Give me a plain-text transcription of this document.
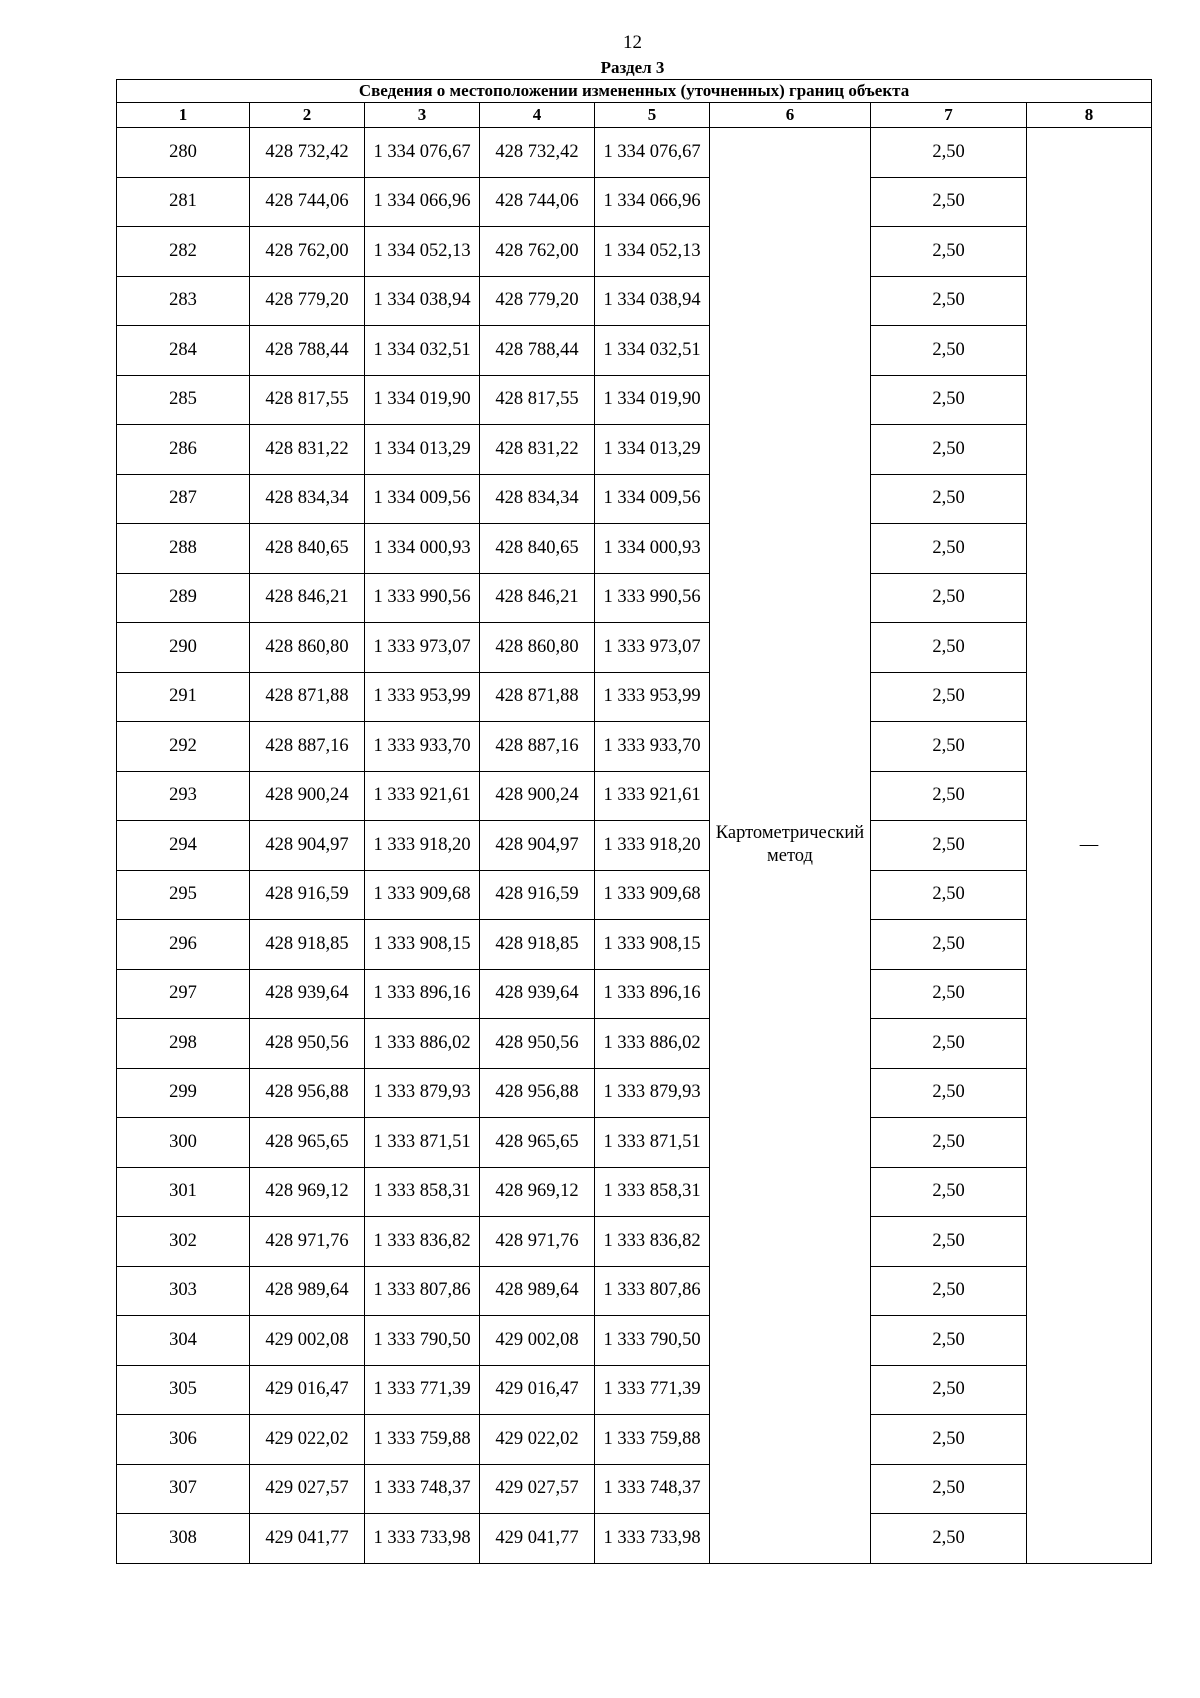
12
Раздел 3
Сведения о местоположении измененных (уточненных) границ объекта							
1	2	3	4	5	6	7	8
280	428 732,42	1 334 076,67	428 732,42	1 334 076,67	Картометрический метод	2,50	—
281	428 744,06	1 334 066,96	428 744,06	1 334 066,96		2,50	
282	428 762,00	1 334 052,13	428 762,00	1 334 052,13		2,50	
283	428 779,20	1 334 038,94	428 779,20	1 334 038,94		2,50	
284	428 788,44	1 334 032,51	428 788,44	1 334 032,51		2,50	
285	428 817,55	1 334 019,90	428 817,55	1 334 019,90		2,50	
286	428 831,22	1 334 013,29	428 831,22	1 334 013,29		2,50	
287	428 834,34	1 334 009,56	428 834,34	1 334 009,56		2,50	
288	428 840,65	1 334 000,93	428 840,65	1 334 000,93		2,50	
289	428 846,21	1 333 990,56	428 846,21	1 333 990,56		2,50	
290	428 860,80	1 333 973,07	428 860,80	1 333 973,07		2,50	
291	428 871,88	1 333 953,99	428 871,88	1 333 953,99		2,50	
292	428 887,16	1 333 933,70	428 887,16	1 333 933,70		2,50	
293	428 900,24	1 333 921,61	428 900,24	1 333 921,61		2,50	
294	428 904,97	1 333 918,20	428 904,97	1 333 918,20		2,50	
295	428 916,59	1 333 909,68	428 916,59	1 333 909,68		2,50	
296	428 918,85	1 333 908,15	428 918,85	1 333 908,15		2,50	
297	428 939,64	1 333 896,16	428 939,64	1 333 896,16		2,50	
298	428 950,56	1 333 886,02	428 950,56	1 333 886,02		2,50	
299	428 956,88	1 333 879,93	428 956,88	1 333 879,93		2,50	
300	428 965,65	1 333 871,51	428 965,65	1 333 871,51		2,50	
301	428 969,12	1 333 858,31	428 969,12	1 333 858,31		2,50	
302	428 971,76	1 333 836,82	428 971,76	1 333 836,82		2,50	
303	428 989,64	1 333 807,86	428 989,64	1 333 807,86		2,50	
304	429 002,08	1 333 790,50	429 002,08	1 333 790,50		2,50	
305	429 016,47	1 333 771,39	429 016,47	1 333 771,39		2,50	
306	429 022,02	1 333 759,88	429 022,02	1 333 759,88		2,50	
307	429 027,57	1 333 748,37	429 027,57	1 333 748,37		2,50	
308	429 041,77	1 333 733,98	429 041,77	1 333 733,98		2,50	
